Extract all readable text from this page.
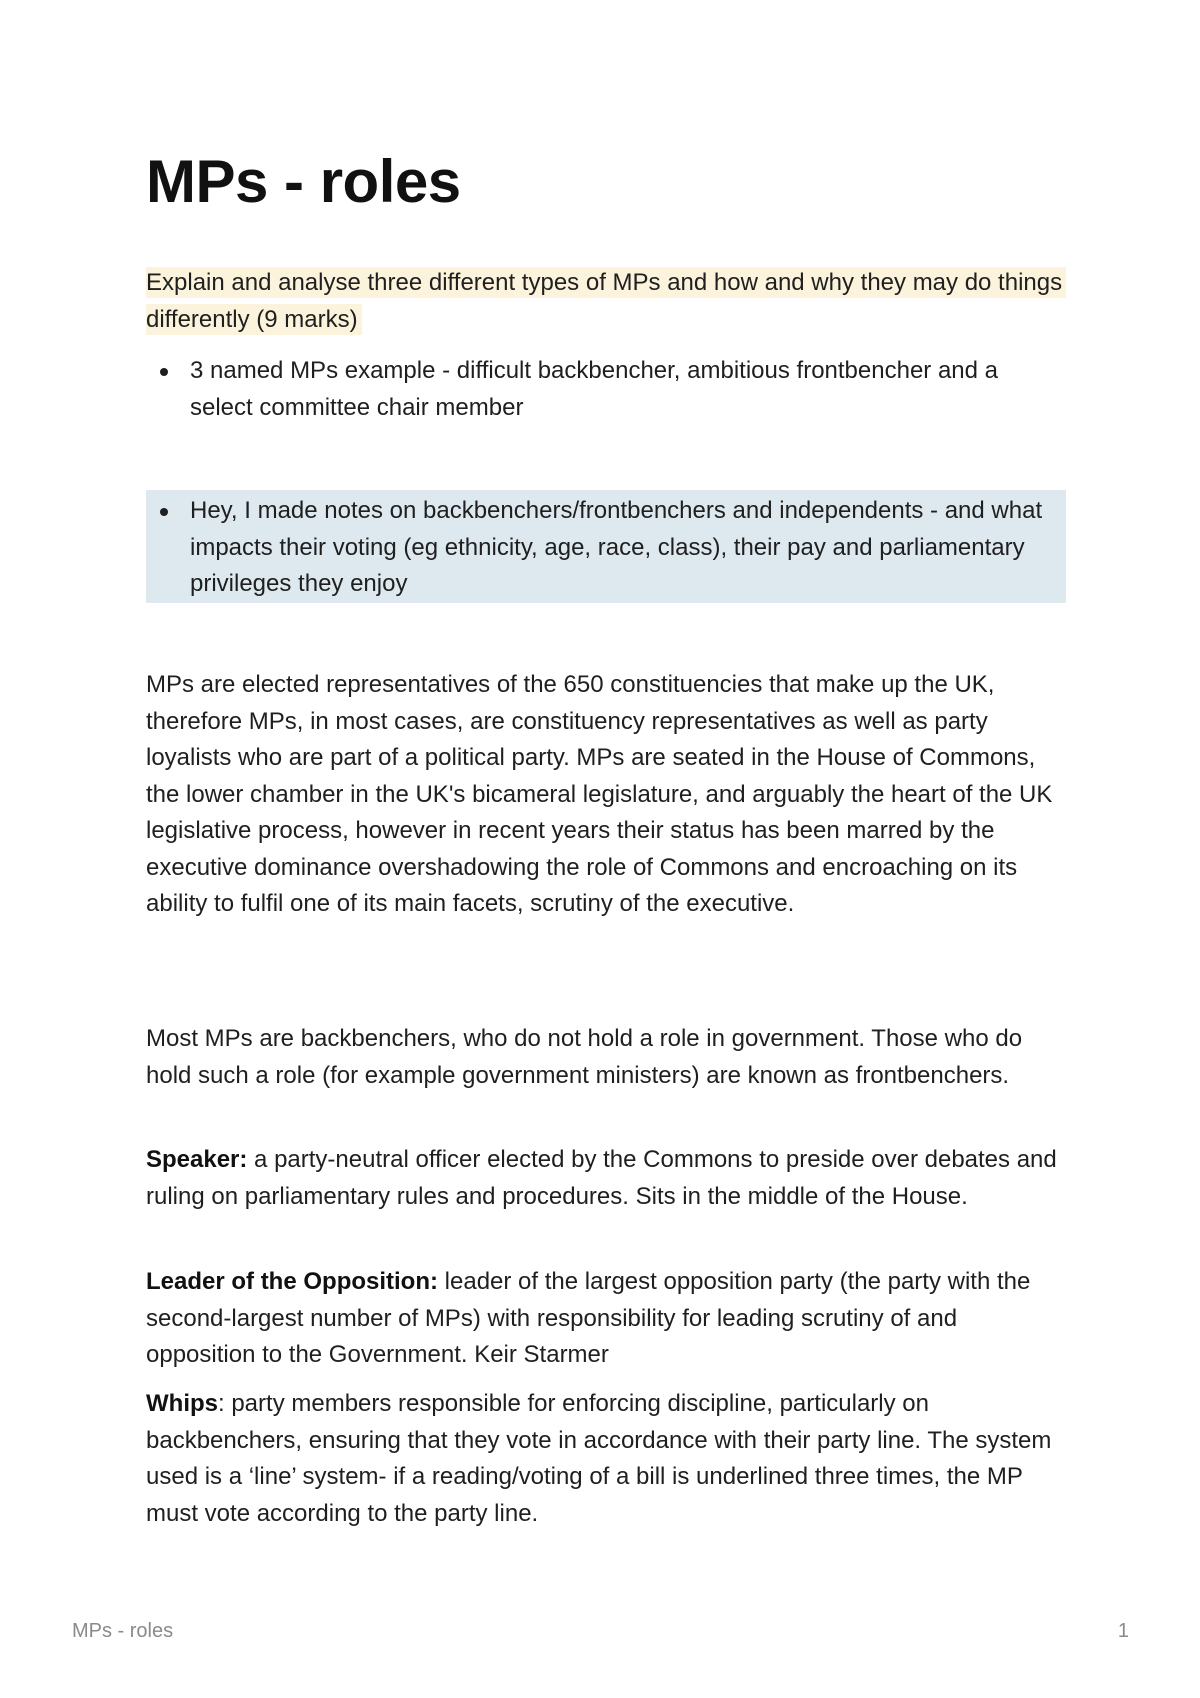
MPs - roles

Explain and analyse three different types of MPs and how and why they may do things differently (9 marks)

3 named MPs example - difficult backbencher, ambitious frontbencher and a select committee chair member
Hey, I made notes on backbenchers/frontbenchers and independents - and what impacts their voting (eg ethnicity, age, race, class), their pay and parliamentary privileges they enjoy

MPs are elected representatives of the 650 constituencies that make up the UK, therefore MPs, in most cases, are constituency representatives as well as party loyalists who are part of a political party. MPs are seated in the House of Commons, the lower chamber in the UK's bicameral legislature, and arguably the heart of the UK legislative process, however in recent years their status has been marred by the executive dominance overshadowing the role of Commons and encroaching on its ability to fulfil one of its main facets, scrutiny of the executive.

Most MPs are backbenchers, who do not hold a role in government. Those who do hold such a role (for example government ministers) are known as frontbenchers.

Speaker: a party-neutral officer elected by the Commons to preside over debates and ruling on parliamentary rules and procedures. Sits in the middle of the House.

Leader of the Opposition: leader of the largest opposition party (the party with the second-largest number of MPs) with responsibility for leading scrutiny of and opposition to the Government. Keir Starmer

Whips: party members responsible for enforcing discipline, particularly on backbenchers, ensuring that they vote in accordance with their party line. The system used is a ‘line’ system- if a reading/voting of a bill is underlined three times, the MP must vote according to the party line.

MPs - roles	1
